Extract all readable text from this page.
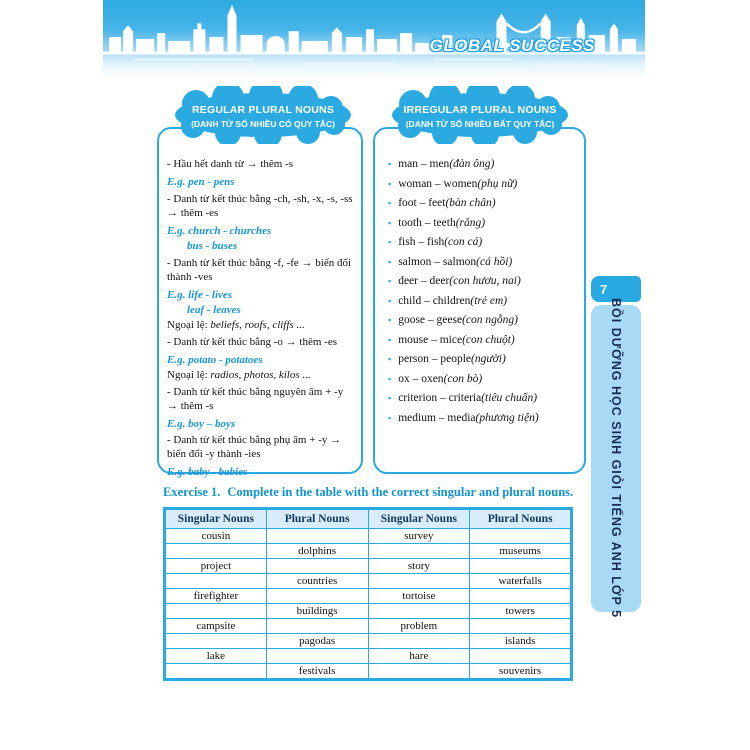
GLOBAL SUCCESS
REGULAR PLURAL NOUNS
(DANH TỪ SỐ NHIỀU CÓ QUY TẮC)
IRREGULAR PLURAL NOUNS
(DANH TỪ SỐ NHIỀU BẤT QUY TẮC)

- Hầu hết danh từ → thêm -s

E.g. pen - pens

- Danh từ kết thúc bằng -ch, -sh, -x, -s, -ss → thêm -es

E.g. church - churches

bus - buses

- Danh từ kết thúc bằng -f, -fe → biến đổi thành -ves

E.g. life - lives

leaf - leaves

Ngoại lệ: beliefs, roofs, cliffs ...

- Danh từ kết thúc bằng -o → thêm -es

E.g. potato - potatoes

Ngoại lệ: radios, photos, kilos ...

- Danh từ kết thúc bằng nguyên âm + -y → thêm -s

E.g. boy – boys

- Danh từ kết thúc bằng phụ âm + -y → biến đổi -y thành -ies

E.g. baby - babies

▪ man – men (đàn ông)
▪ woman – women (phụ nữ)
▪ foot – feet (bàn chân)
▪ tooth – teeth (răng)
▪ fish – fish (con cá)
▪ salmon – salmon (cá hồi)
▪ deer – deer (con hươu, nai)
▪ child – children (trẻ em)
▪ goose – geese (con ngỗng)
▪ mouse – mice (con chuột)
▪ person – people (người)
▪ ox – oxen (con bò)
▪ criterion – criteria (tiêu chuẩn)
▪ medium – media (phương tiện)
Exercise 1. Complete in the table with the correct singular and plural nouns.
Singular Nouns	Plural Nouns	Singular Nouns	Plural Nouns
cousin		survey	
	dolphins		museums
project		story	
	countries		waterfalls
firefighter		tortoise	
	buildings		towers
campsite		problem	
	pagodas		islands
lake		hare	
	festivals		souvenirs
7
BỒI DƯỠNG HỌC SINH GIỎI TIẾNG ANH LỚP 5
